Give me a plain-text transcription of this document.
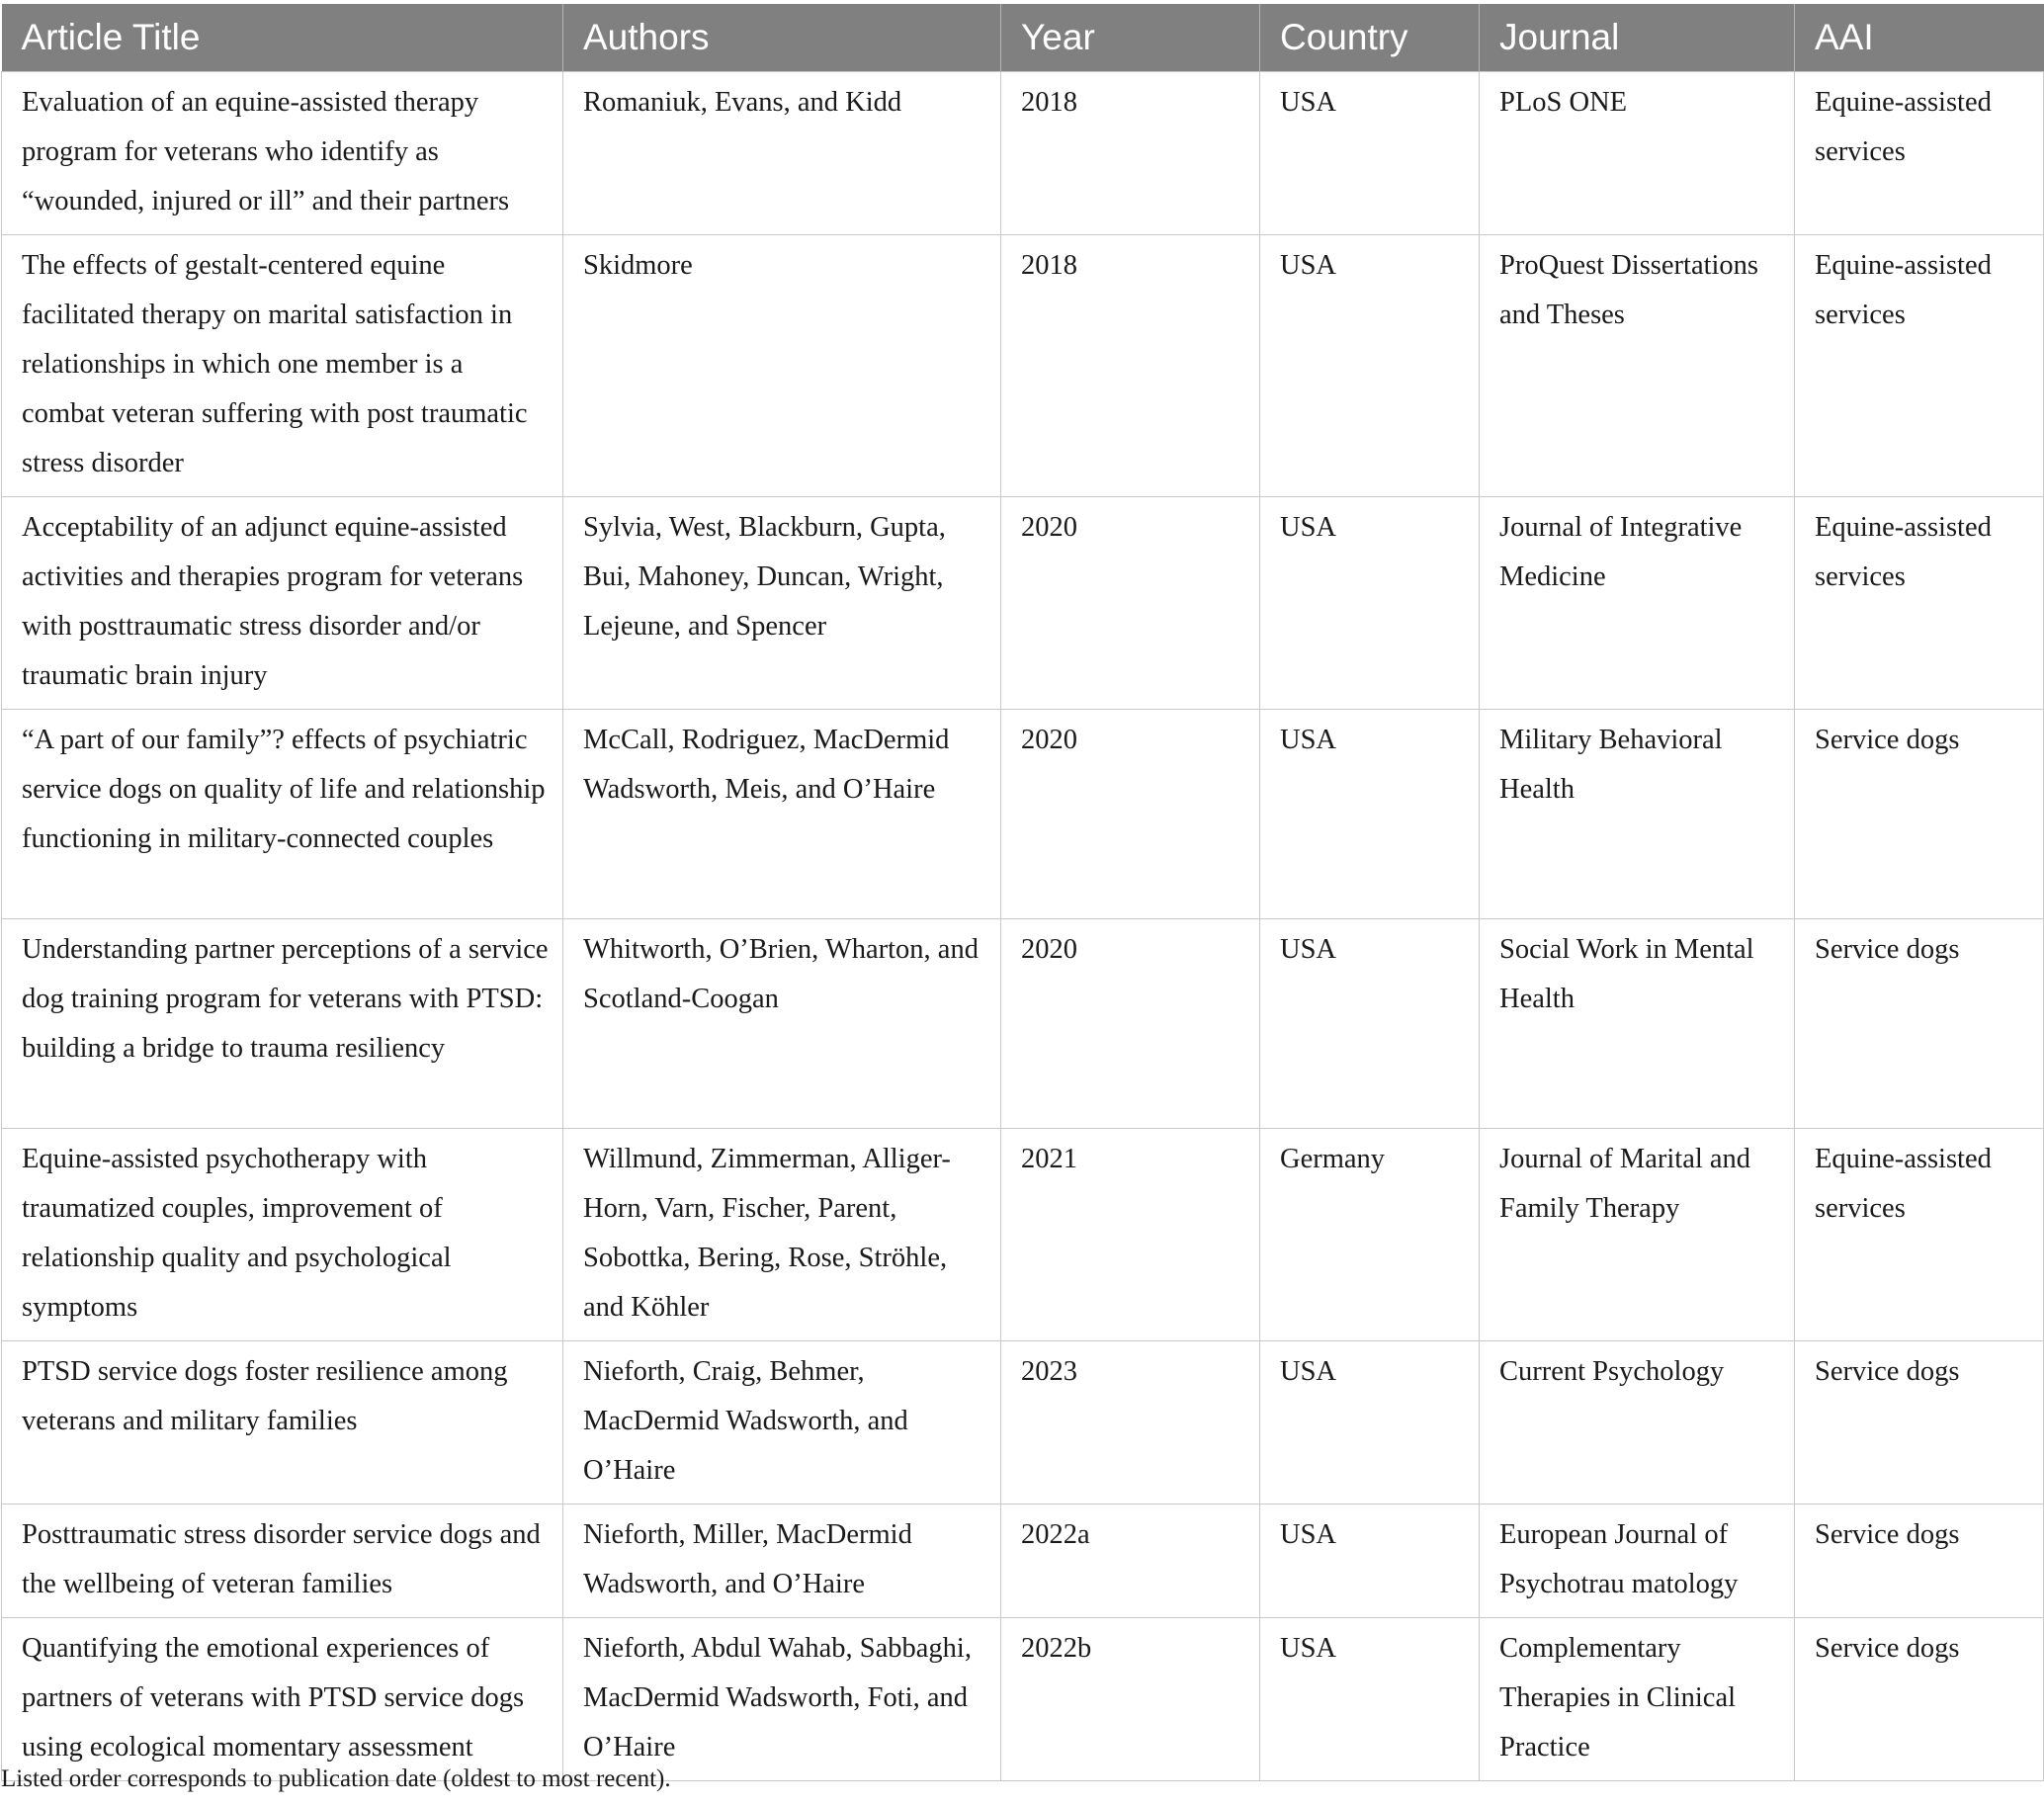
Article Title	Authors	Year	Country	Journal	AAI
Evaluation of an equine-assisted therapy program for veterans who identify as “wounded, injured or ill” and their partners	Romaniuk, Evans, and Kidd	2018	USA	PLoS ONE	Equine-assisted services
The effects of gestalt-centered equine facilitated therapy on marital satisfaction in relationships in which one member is a combat veteran suffering with post traumatic stress disorder	Skidmore	2018	USA	ProQuest Dissertations and Theses	Equine-assisted services
Acceptability of an adjunct equine-assisted activities and therapies program for veterans with posttraumatic stress disorder and/or traumatic brain injury	Sylvia, West, Blackburn, Gupta, Bui, Mahoney, Duncan, Wright, Lejeune, and Spencer	2020	USA	Journal of Integrative Medicine	Equine-assisted services
“A part of our family”? effects of psychiatric service dogs on quality of life and relationship functioning in military-connected couples	McCall, Rodriguez, MacDermid Wadsworth, Meis, and O’Haire	2020	USA	Military Behavioral Health	Service dogs
Understanding partner perceptions of a service dog training program for veterans with PTSD: building a bridge to trauma resiliency	Whitworth, O’Brien, Wharton, and Scotland-Coogan	2020	USA	Social Work in Mental Health	Service dogs
Equine-assisted psychotherapy with traumatized couples, improvement of relationship quality and psychological symptoms	Willmund, Zimmerman, Alliger-Horn, Varn, Fischer, Parent, Sobottka, Bering, Rose, Ströhle, and Köhler	2021	Germany	Journal of Marital and Family Therapy	Equine-assisted services
PTSD service dogs foster resilience among veterans and military families	Nieforth, Craig, Behmer, MacDermid Wadsworth, and O’Haire	2023	USA	Current Psychology	Service dogs
Posttraumatic stress disorder service dogs and the wellbeing of veteran families	Nieforth, Miller, MacDermid Wadsworth, and O’Haire	2022a	USA	European Journal of Psychotrau matology	Service dogs
Quantifying the emotional experiences of partners of veterans with PTSD service dogs using ecological momentary assessment	Nieforth, Abdul Wahab, Sabbaghi, MacDermid Wadsworth, Foti, and O’Haire	2022b	USA	Complementary Therapies in Clinical Practice	Service dogs
Listed order corresponds to publication date (oldest to most recent).
